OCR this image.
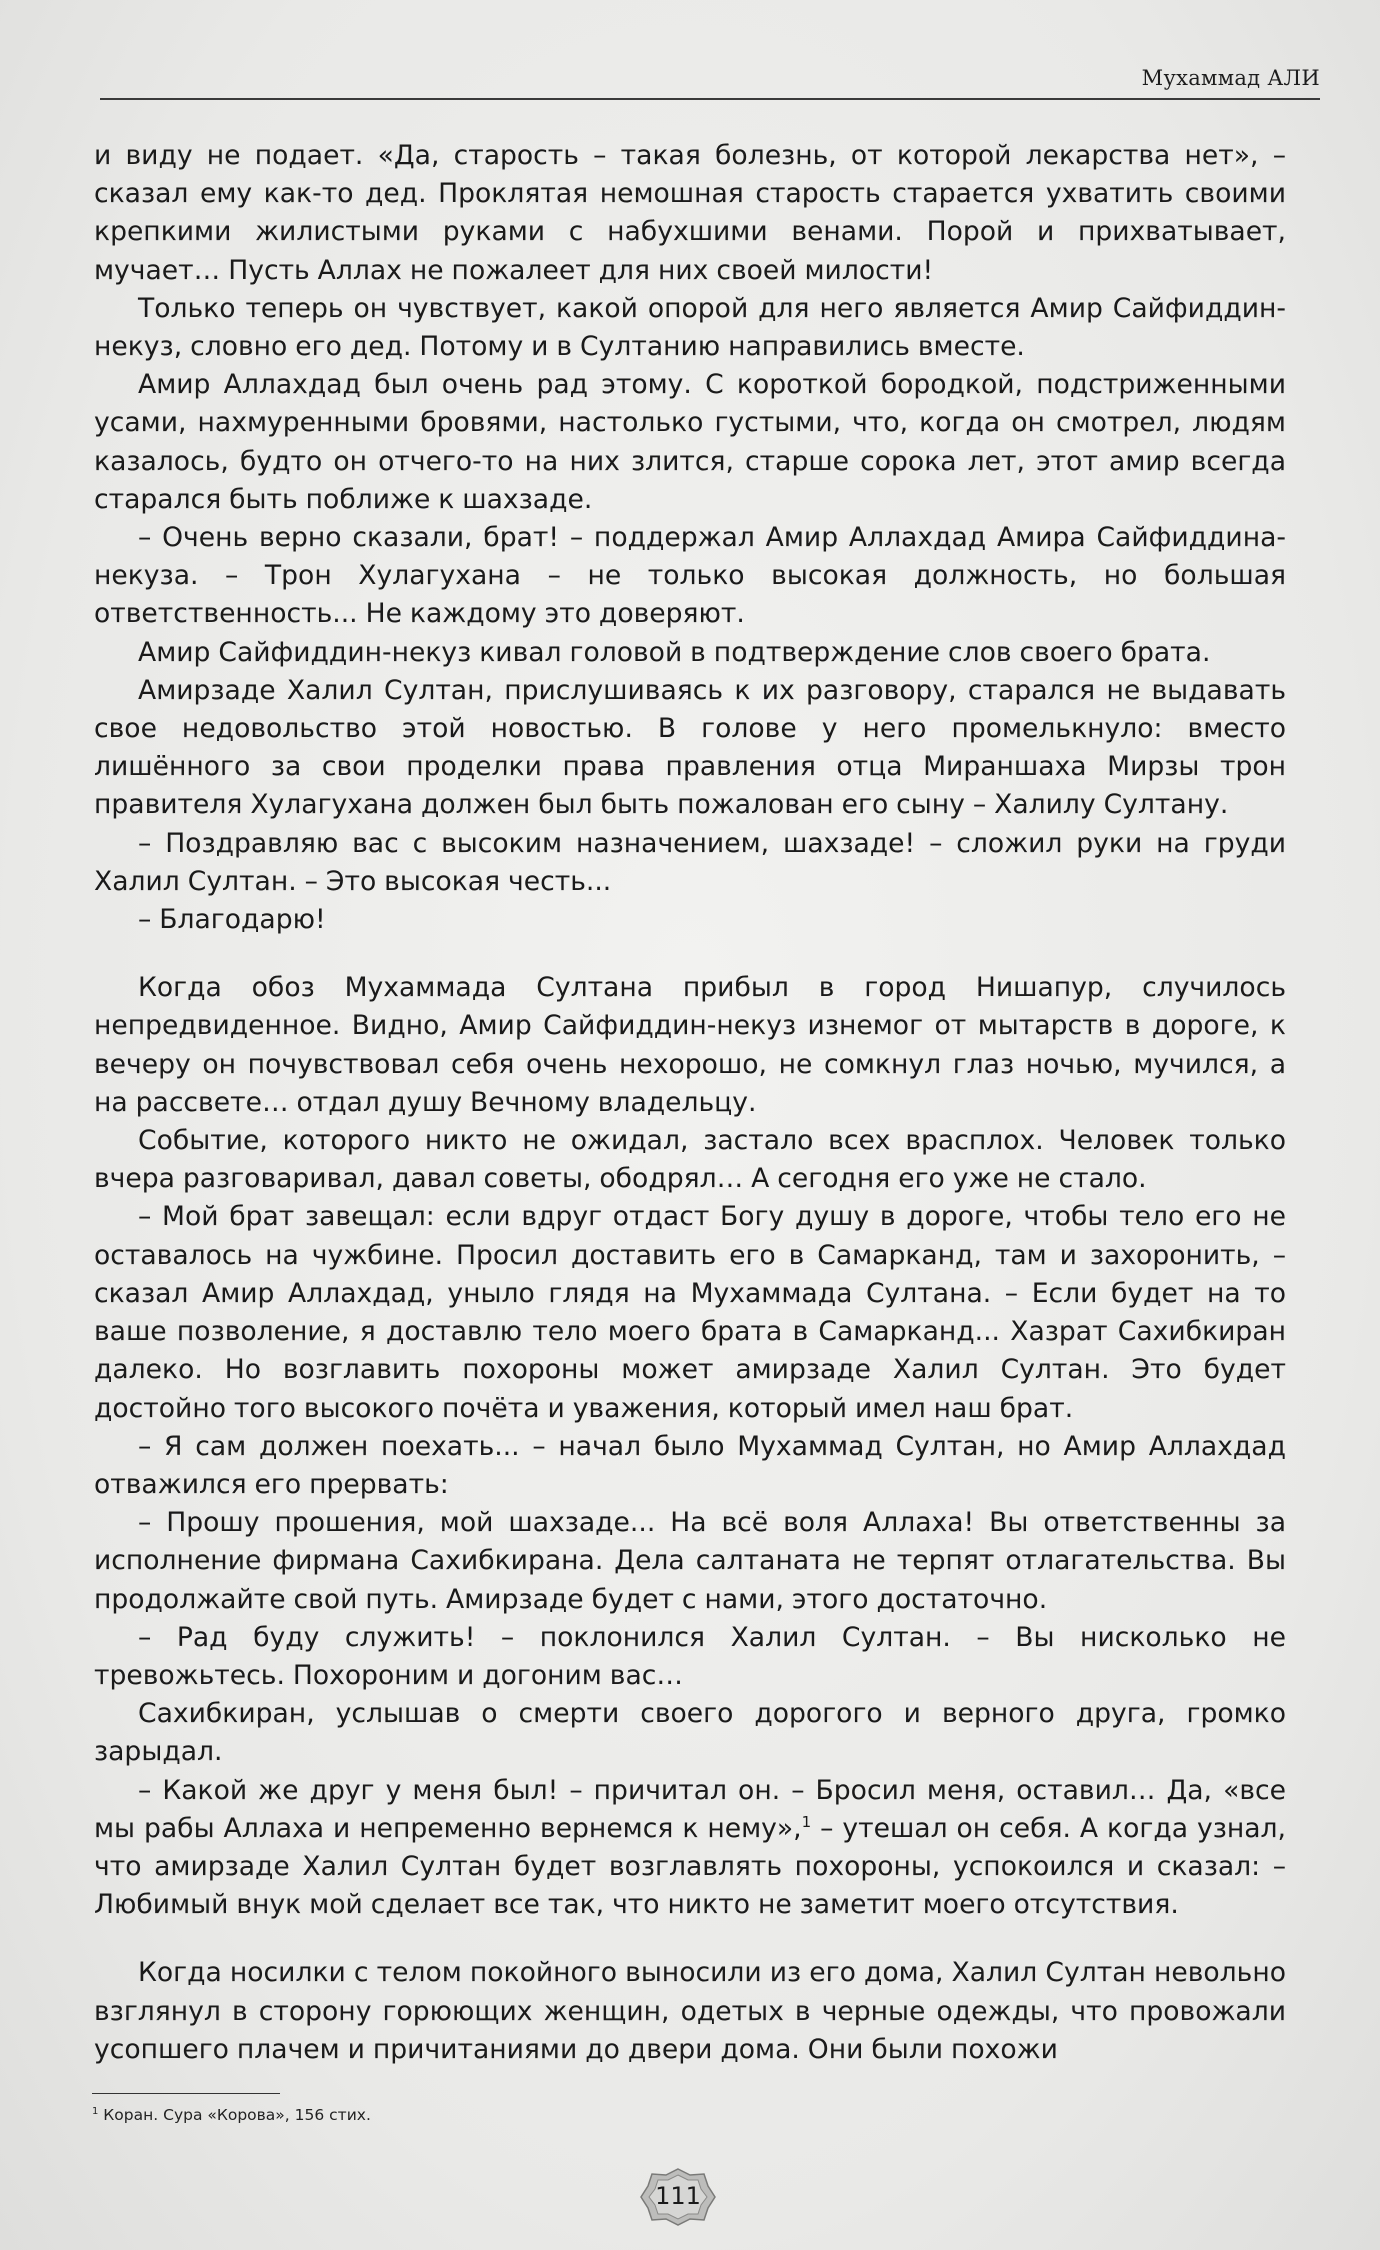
Мухаммад АЛИ

и виду не подает. «Да, старость – такая болезнь, от которой лекарства нет», – сказал ему как-то дед. Проклятая немошная старость старается ухватить своими крепкими жилистыми руками с набухшими венами. Порой и прихватывает, мучает… Пусть Аллах не пожалеет для них своей милости!

Только теперь он чувствует, какой опорой для него является Амир Сайфиддин-некуз, словно его дед. Потому и в Султанию направились вместе.

Амир Аллахдад был очень рад этому. С короткой бородкой, подстриженными усами, нахмуренными бровями, настолько густыми, что, когда он смотрел, людям казалось, будто он отчего-то на них злится, старше сорока лет, этот амир всегда старался быть поближе к шахзаде.

– Очень верно сказали, брат! – поддержал Амир Аллахдад Амира Сайфиддина-некуза. – Трон Хулагухана – не только высокая должность, но большая ответственность... Не каждому это доверяют.

Амир Сайфиддин-некуз кивал головой в подтверждение слов своего брата.

Амирзаде Халил Султан, прислушиваясь к их разговору, старался не выдавать свое недовольство этой новостью. В голове у него промелькнуло: вместо лишённого за свои проделки права правления отца Мираншаха Мирзы трон правителя Хулагухана должен был быть пожалован его сыну – Халилу Султану.

– Поздравляю вас с высоким назначением, шахзаде! – сложил руки на груди Халил Султан. – Это высокая честь...

– Благодарю!

Когда обоз Мухаммада Султана прибыл в город Нишапур, случилось непредвиденное. Видно, Амир Сайфиддин-некуз изнемог от мытарств в дороге, к вечеру он почувствовал себя очень нехорошо, не сомкнул глаз ночью, мучился, а на рассвете… отдал душу Вечному владельцу.

Событие, которого никто не ожидал, застало всех врасплох. Человек только вчера разговаривал, давал советы, ободрял… А сегодня его уже не стало.

– Мой брат завещал: если вдруг отдаст Богу душу в дороге, чтобы тело его не оставалось на чужбине. Просил доставить его в Самарканд, там и захоронить, – сказал Амир Аллахдад, уныло глядя на Мухаммада Султана. – Если будет на то ваше позволение, я доставлю тело моего брата в Самарканд... Хазрат Сахибкиран далеко. Но возглавить похороны может амирзаде Халил Султан. Это будет достойно того высокого почёта и уважения, который имел наш брат.

– Я сам должен поехать... – начал было Мухаммад Султан, но Амир Аллахдад отважился его прервать:

– Прошу прошения, мой шахзаде... На всё воля Аллаха! Вы ответственны за исполнение фирмана Сахибкирана. Дела салтаната не терпят отлагательства. Вы продолжайте свой путь. Амирзаде будет с нами, этого достаточно.

– Рад буду служить! – поклонился Халил Султан. – Вы нисколько не тревожьтесь. Похороним и догоним вас…

Сахибкиран, услышав о смерти своего дорогого и верного друга, громко зарыдал.

– Какой же друг у меня был! – причитал он. – Бросил меня, оставил… Да, «все мы рабы Аллаха и непременно вернемся к нему»,$^1$ – утешал он себя. А когда узнал, что амирзаде Халил Султан будет возглавлять похороны, успокоился и сказал: – Любимый внук мой сделает все так, что никто не заметит моего отсутствия.

Когда носилки с телом покойного выносили из его дома, Халил Султан невольно взглянул в сторону горюющих женщин, одетых в черные одежды, что провожали усопшего плачем и причитаниями до двери дома. Они были похожи

$^1$ Коран. Сура «Корова», 156 стих.
111
